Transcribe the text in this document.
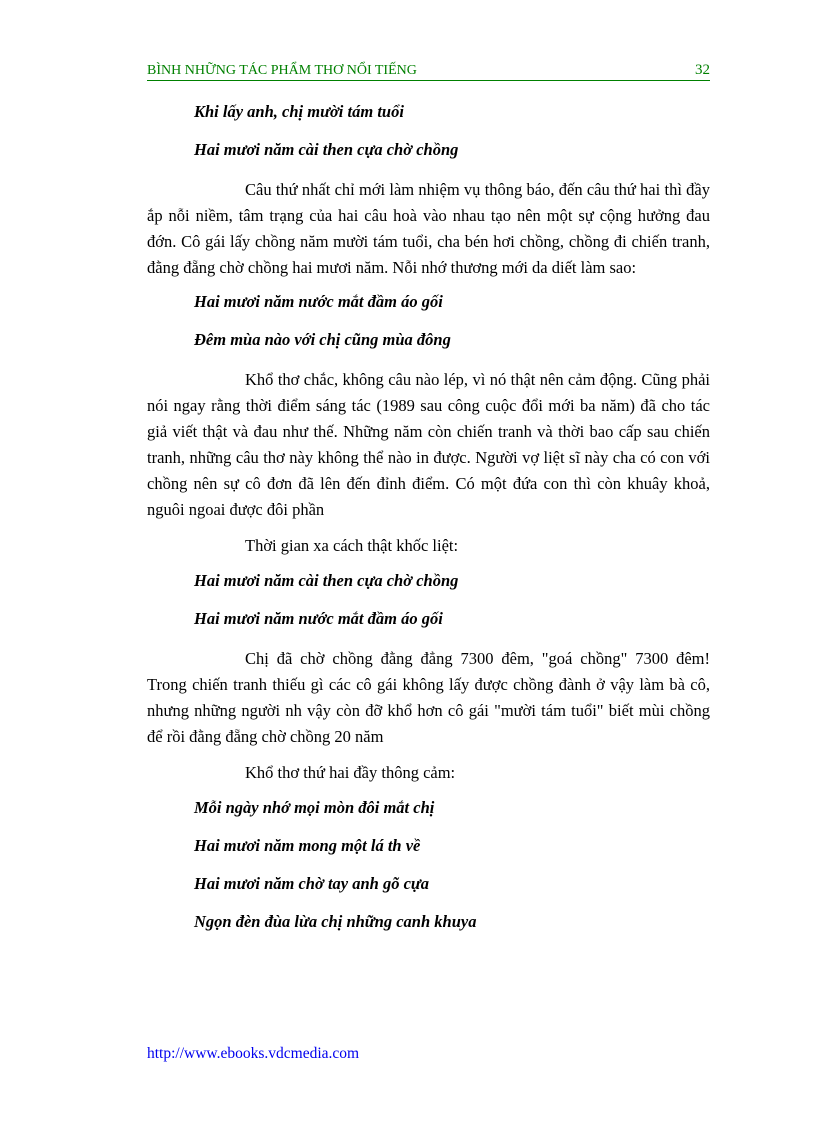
BÌNH NHỮNG TÁC PHẨM THƠ NỔI TIẾNG	32

Khi lấy anh, chị mười tám tuổi

Hai mươi năm cài then cựa chờ chồng

Câu thứ nhất chỉ mới làm nhiệm vụ thông báo, đến câu thứ hai thì đầy ắp nỗi niềm, tâm trạng của hai câu hoà vào nhau tạo nên một sự cộng hưởng đau đớn. Cô gái lấy chồng năm mười tám tuổi, cha bén hơi chồng, chồng đi chiến tranh, đằng đẵng chờ chồng hai mươi năm. Nỗi nhớ thương mới da diết làm sao:

Hai mươi năm nước mắt đầm áo gối

Đêm mùa nào với chị cũng mùa đông

Khổ thơ chắc, không câu nào lép, vì nó thật nên cảm động. Cũng phải nói ngay rằng thời điểm sáng tác (1989 sau công cuộc đổi mới ba năm) đã cho tác giả viết thật và đau như thế. Những năm còn chiến tranh và thời bao cấp sau chiến tranh, những câu thơ này không thể nào in được. Người vợ liệt sĩ này cha có con với chồng nên sự cô đơn đã lên đến đỉnh điểm. Có một đứa con thì còn khuây khoả, nguôi ngoai được đôi phần

Thời gian xa cách thật khốc liệt:

Hai mươi năm cài then cựa chờ chồng

Hai mươi năm nước mắt đầm áo gối

Chị đã chờ chồng đằng đẳng 7300 đêm, "goá chồng" 7300 đêm! Trong chiến tranh thiếu gì các cô gái không lấy được chồng đành ở vậy làm bà cô, nhưng những người nh vậy còn đỡ khổ hơn cô gái "mười tám tuổi" biết mùi chồng để rồi đằng đẵng chờ chồng 20 năm

Khổ thơ thứ hai đầy thông cảm:

Mỗi ngày nhớ mọi mòn đôi mắt chị

Hai mươi năm mong một lá th về

Hai mươi năm chờ tay anh gõ cựa

Ngọn đèn đùa lừa chị những canh khuya

http://www.ebooks.vdcmedia.com
